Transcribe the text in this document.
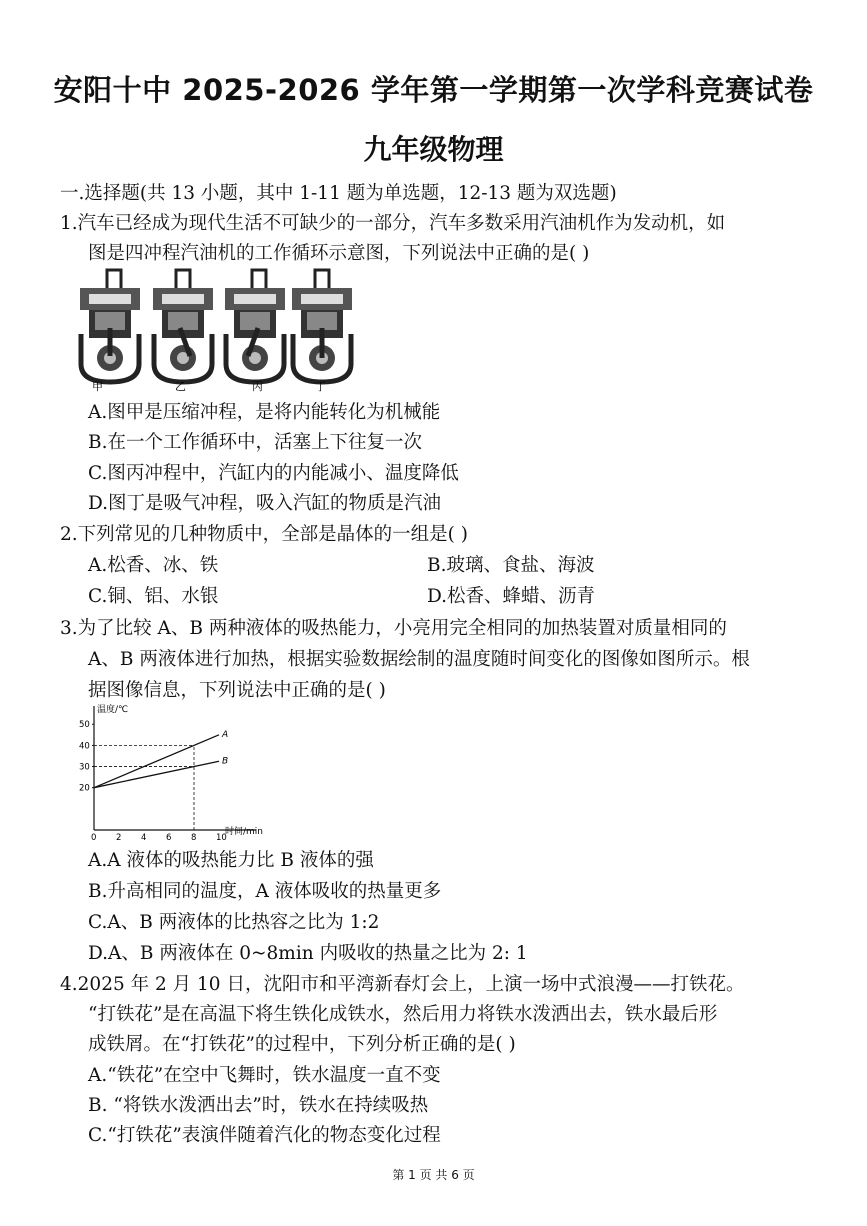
安阳十中 2025-2026 学年第一学期第一次学科竞赛试卷
九年级物理
一.选择题(共 13 小题，其中 1-11 题为单选题，12-13 题为双选题)
1.汽车已经成为现代生活不可缺少的一部分，汽车多数采用汽油机作为发动机，如
图是四冲程汽油机的工作循环示意图，下列说法中正确的是( )
甲	乙	丙	丁
A.图甲是压缩冲程，是将内能转化为机械能
B.在一个工作循环中，活塞上下往复一次
C.图丙冲程中，汽缸内的内能减小、温度降低
D.图丁是吸气冲程，吸入汽缸的物质是汽油
2.下列常见的几种物质中，全部是晶体的一组是( )
A.松香、冰、铁	B.玻璃、食盐、海波
C.铜、铝、水银	D.松香、蜂蜡、沥青
3.为了比较 A、B 两种液体的吸热能力，小亮用完全相同的加热装置对质量相同的
A、B 两液体进行加热，根据实验数据绘制的温度随时间变化的图像如图所示。根
据图像信息，下列说法中正确的是( )
温度/℃
时间/min
0 2 4 6 8 10
20
30
40
50
A
B
A.A 液体的吸热能力比 B 液体的强
B.升高相同的温度，A 液体吸收的热量更多
C.A、B 两液体的比热容之比为 1:2
D.A、B 两液体在 0~8min 内吸收的热量之比为 2: 1
4.2025 年 2 月 10 日，沈阳市和平湾新春灯会上，上演一场中式浪漫——打铁花。
“打铁花”是在高温下将生铁化成铁水，然后用力将铁水泼洒出去，铁水最后形
成铁屑。在“打铁花”的过程中，下列分析正确的是( )
A.“铁花”在空中飞舞时，铁水温度一直不变
B. “将铁水泼洒出去”时，铁水在持续吸热
C.“打铁花”表演伴随着汽化的物态变化过程
第 1 页 共 6 页
